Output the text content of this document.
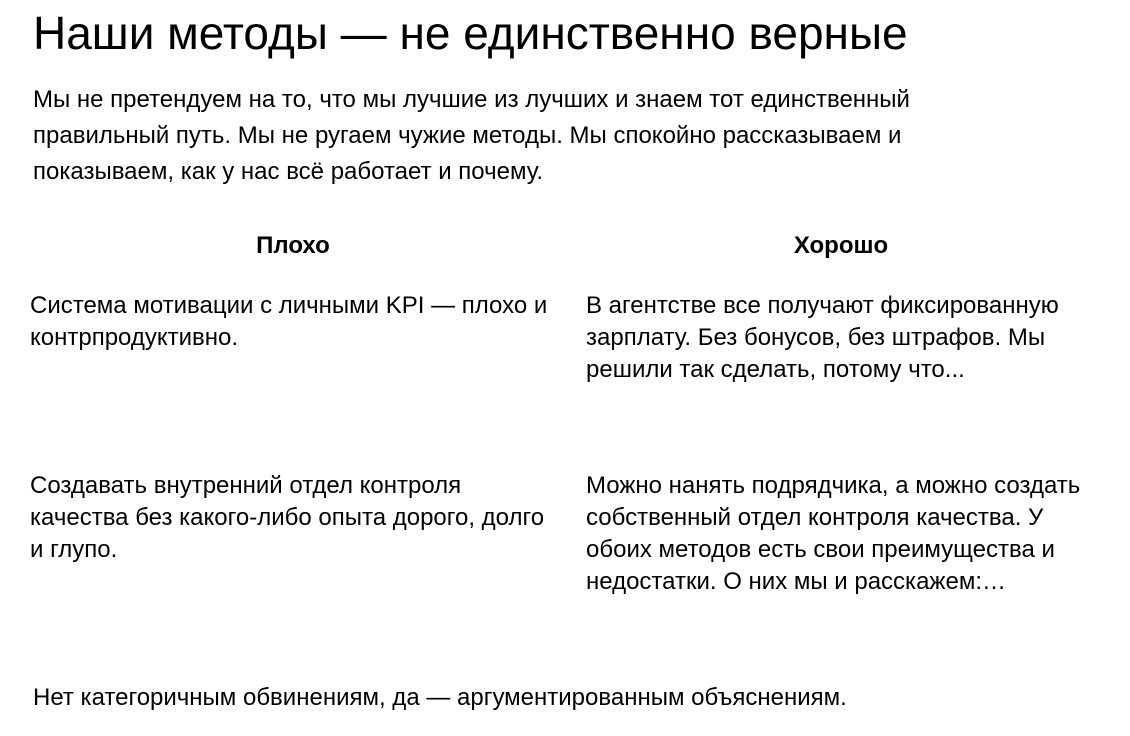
Наши методы — не единственно верные

Мы не претендуем на то, что мы лучшие из лучших и знаем тот единственный правильный путь. Мы не ругаем чужие методы. Мы спокойно рассказываем и показываем, как у нас всё работает и почему.

Плохо	Хорошо

Система мотивации с личными KPI — плохо и контрпродуктивно.

В агентстве все получают фиксированную зарплату. Без бонусов, без штрафов. Мы решили так сделать, потому что...

Создавать внутренний отдел контроля качества без какого-либо опыта дорого, долго и глупо.

Можно нанять подрядчика, а можно создать собственный отдел контроля качества. У обоих методов есть свои преимущества и недостатки. О них мы и расскажем:…

Нет категоричным обвинениям, да — аргументированным объяснениям.
